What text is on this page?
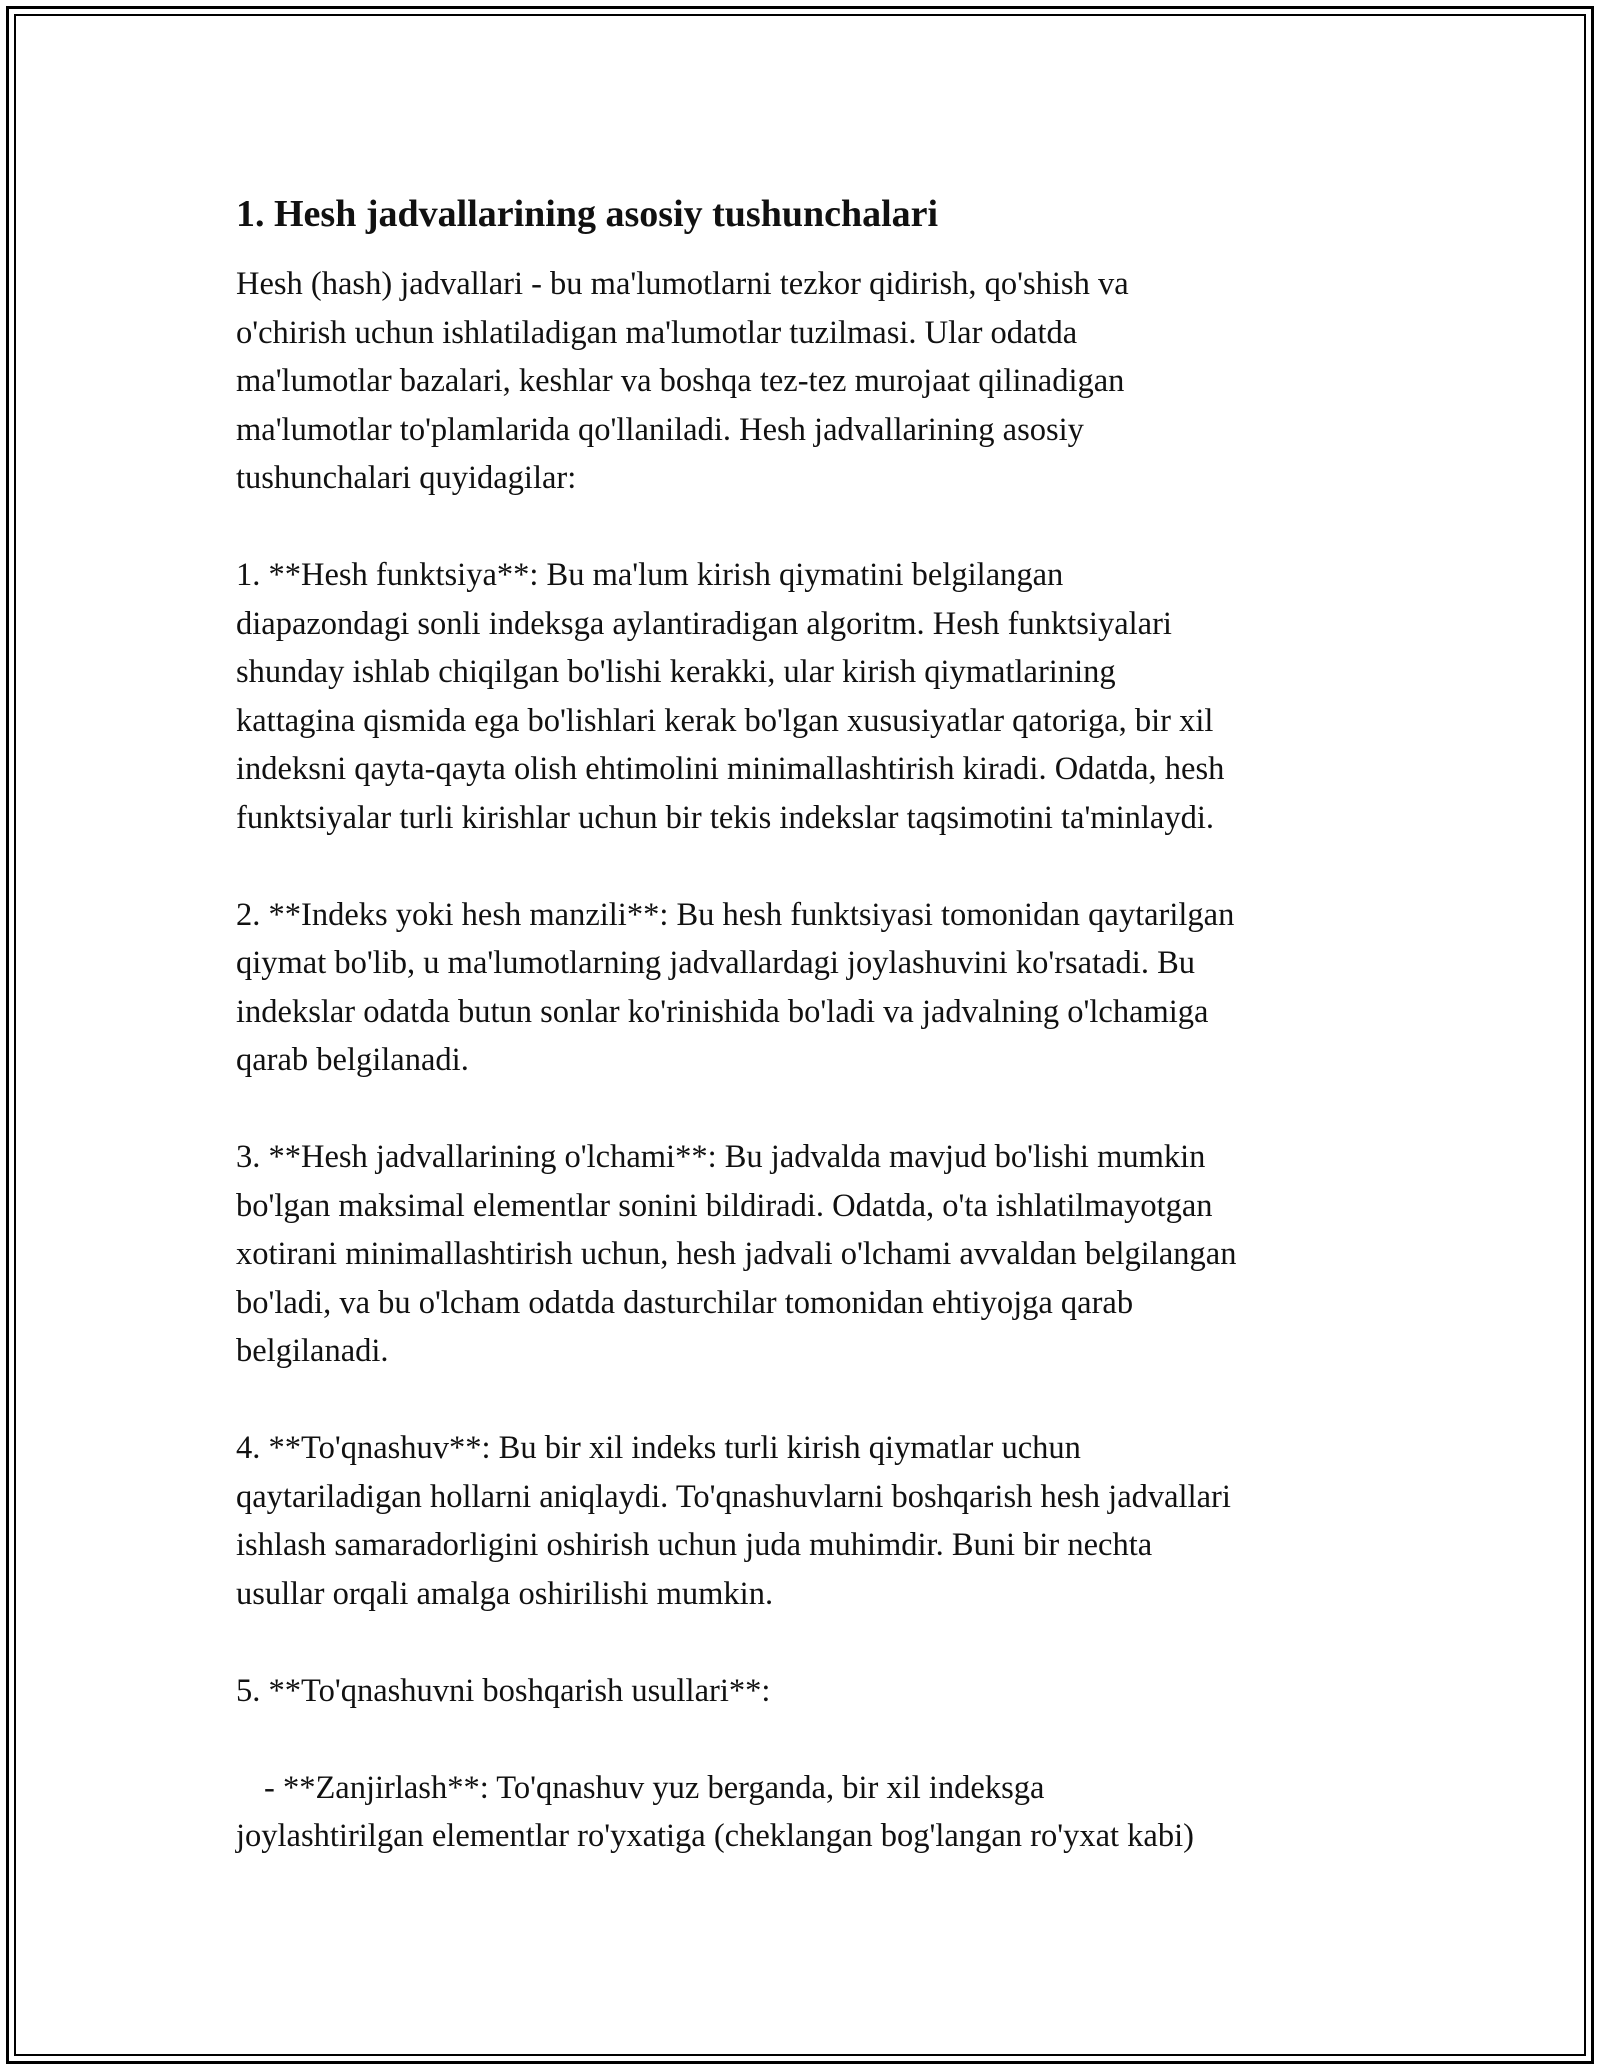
1. Hesh jadvallarining asosiy tushunchalari
Hesh (hash) jadvallari - bu ma'lumotlarni tezkor qidirish, qo'shish va
o'chirish uchun ishlatiladigan ma'lumotlar tuzilmasi. Ular odatda
ma'lumotlar bazalari, keshlar va boshqa tez-tez murojaat qilinadigan
ma'lumotlar to'plamlarida qo'llaniladi. Hesh jadvallarining asosiy
tushunchalari quyidagilar:
1. **Hesh funktsiya**: Bu ma'lum kirish qiymatini belgilangan
diapazondagi sonli indeksga aylantiradigan algoritm. Hesh funktsiyalari
shunday ishlab chiqilgan bo'lishi kerakki, ular kirish qiymatlarining
kattagina qismida ega bo'lishlari kerak bo'lgan xususiyatlar qatoriga, bir xil
indeksni qayta-qayta olish ehtimolini minimallashtirish kiradi. Odatda, hesh
funktsiyalar turli kirishlar uchun bir tekis indekslar taqsimotini ta'minlaydi.
2. **Indeks yoki hesh manzili**: Bu hesh funktsiyasi tomonidan qaytarilgan
qiymat bo'lib, u ma'lumotlarning jadvallardagi joylashuvini ko'rsatadi. Bu
indekslar odatda butun sonlar ko'rinishida bo'ladi va jadvalning o'lchamiga
qarab belgilanadi.
3. **Hesh jadvallarining o'lchami**: Bu jadvalda mavjud bo'lishi mumkin
bo'lgan maksimal elementlar sonini bildiradi. Odatda, o'ta ishlatilmayotgan
xotirani minimallashtirish uchun, hesh jadvali o'lchami avvaldan belgilangan
bo'ladi, va bu o'lcham odatda dasturchilar tomonidan ehtiyojga qarab
belgilanadi.
4. **To'qnashuv**: Bu bir xil indeks turli kirish qiymatlar uchun
qaytariladigan hollarni aniqlaydi. To'qnashuvlarni boshqarish hesh jadvallari
ishlash samaradorligini oshirish uchun juda muhimdir. Buni bir nechta
usullar orqali amalga oshirilishi mumkin.
5. **To'qnashuvni boshqarish usullari**:
- **Zanjirlash**: To'qnashuv yuz berganda, bir xil indeksga
joylashtirilgan elementlar ro'yxatiga (cheklangan bog'langan ro'yxat kabi)
